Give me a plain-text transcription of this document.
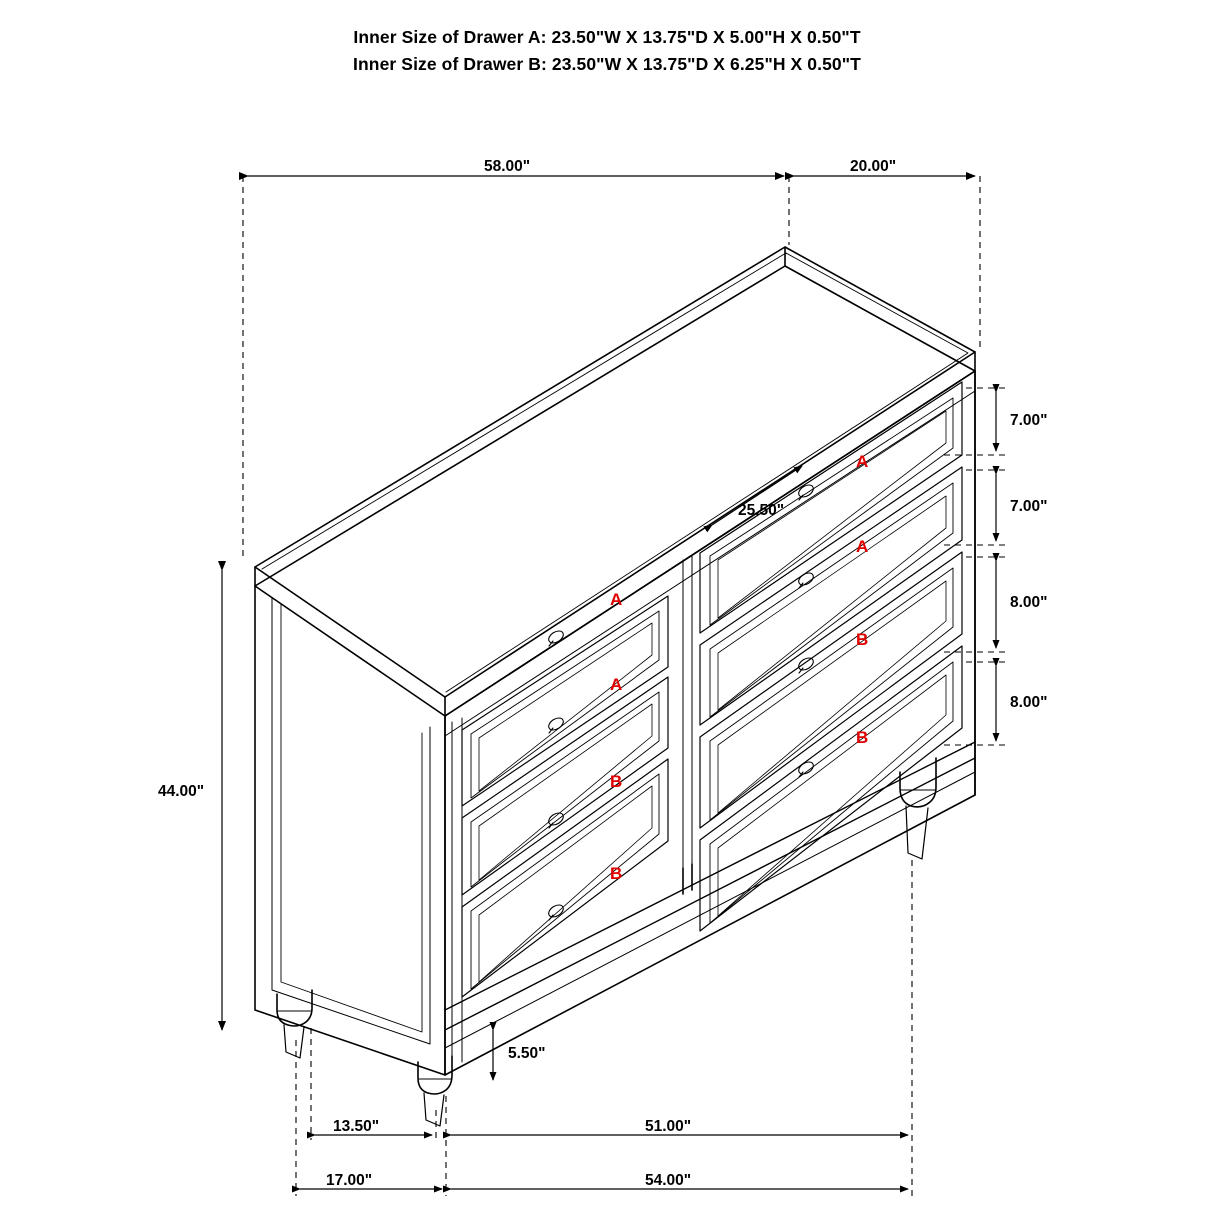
Inner Size of Drawer A: 23.50"W X 13.75"D X 5.00"H X 0.50"T
Inner Size of Drawer B: 23.50"W X 13.75"D X 6.25"H X 0.50"T
58.00"	20.00"
44.00"
25.50"
7.00"
7.00"
8.00"
8.00"
5.50"
13.50"
17.00"
51.00"
54.00"
A
A
B
B
A
A
B
B
